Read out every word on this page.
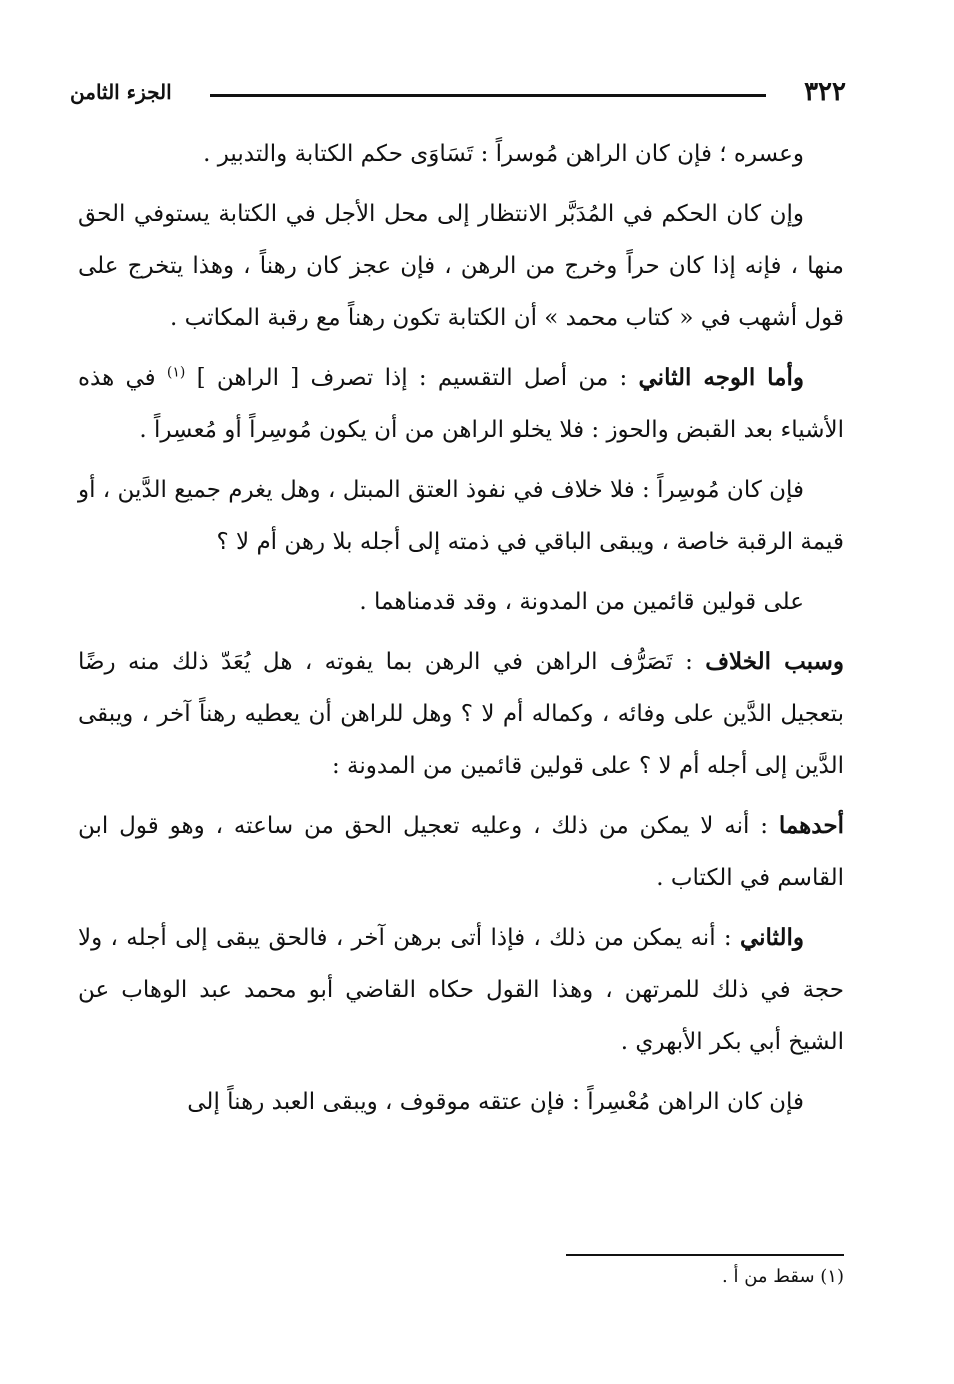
٣٢٢
الجزء الثامن

وعسره ؛ فإن كان الراهن مُوسراً : تَسَاوَى حكم الكتابة والتدبير .

وإن كان الحكم في المُدَبَّر الانتظار إلى محل الأجل في الكتابة يستوفي الحق منها ، فإنه إذا كان حراً وخرج من الرهن ، فإن عجز كان رهناً ، وهذا يتخرج على قول أشهب في « كتاب محمد » أن الكتابة تكون رهناً مع رقبة المكاتب .

وأما الوجه الثاني : من أصل التقسيم : إذا تصرف [ الراهن ] $^{(١)}$ في هذه الأشياء بعد القبض والحوز : فلا يخلو الراهن من أن يكون مُوسِراً أو مُعسِراً .

فإن كان مُوسِراً : فلا خلاف في نفوذ العتق المبتل ، وهل يغرم جميع الدَّين ، أو قيمة الرقبة خاصة ، ويبقى الباقي في ذمته إلى أجله بلا رهن أم لا ؟

على قولين قائمين من المدونة ، وقد قدمناهما .

وسبب الخلاف : تَصَرُّف الراهن في الرهن بما يفوته ، هل يُعَدّ ذلك منه رضًا بتعجيل الدَّين على وفائه ، وكماله أم لا ؟ وهل للراهن أن يعطيه رهناً آخر ، ويبقى الدَّين إلى أجله أم لا ؟ على قولين قائمين من المدونة :

أحدهما : أنه لا يمكن من ذلك ، وعليه تعجيل الحق من ساعته ، وهو قول ابن القاسم في الكتاب .

والثاني : أنه يمكن من ذلك ، فإذا أتى برهن آخر ، فالحق يبقى إلى أجله ، ولا حجة في ذلك للمرتهن ، وهذا القول حكاه القاضي أبو محمد عبد الوهاب عن الشيخ أبي بكر الأبهري .

فإن كان الراهن مُعْسِراً : فإن عتقه موقوف ، ويبقى العبد رهناً إلى

(١) سقط من أ .
